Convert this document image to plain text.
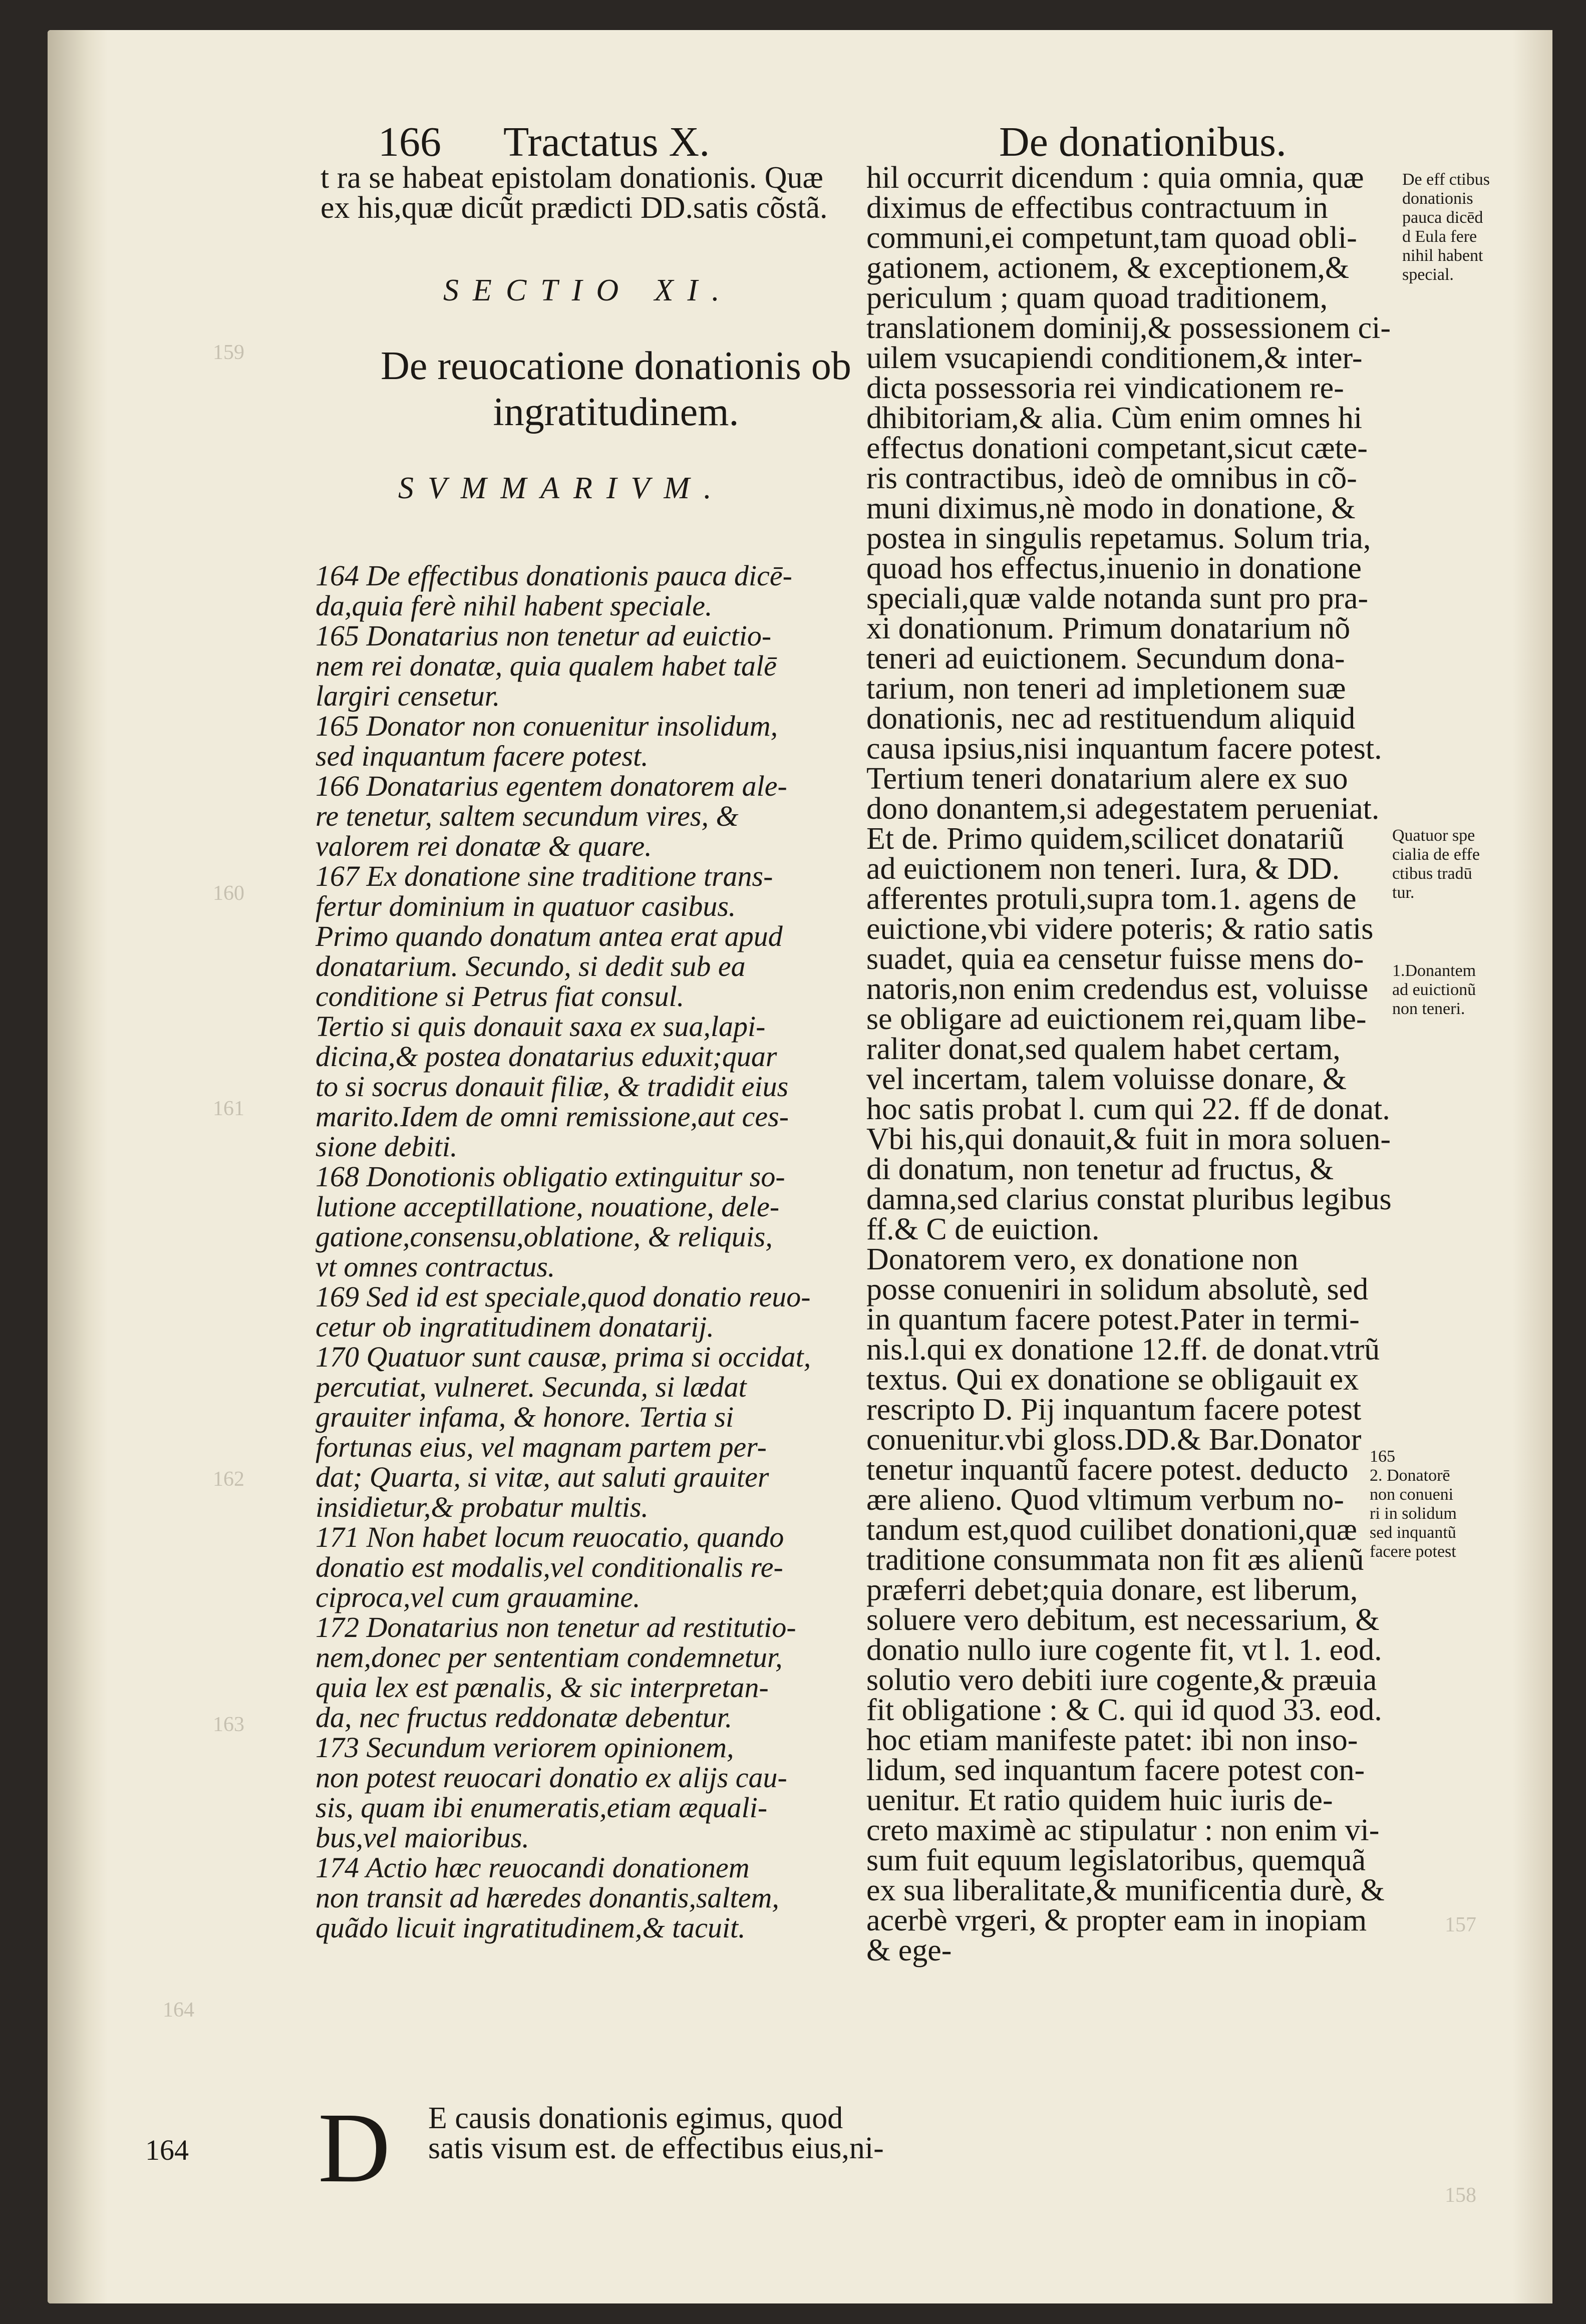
159
160
161
162
163
164
157
158
166 Tractatus X.	De donationibus.
t ra se habeat epistolam donationis. Quæ
ex his,quæ dicũt prædicti DD.satis cõstã.
SECTIO XI.
De reuocatione donationis ob
ingratitudinem.
SVMMARIVM.
164 De effectibus donationis pauca dicē-
da,quia ferè nihil habent speciale.
165 Donatarius non tenetur ad euictio-
nem rei donatæ, quia qualem habet talē
largiri censetur.
165 Donator non conuenitur insolidum,
sed inquantum facere potest.
166 Donatarius egentem donatorem ale-
re tenetur, saltem secundum vires, &
valorem rei donatæ & quare.
167 Ex donatione sine traditione trans-
fertur dominium in quatuor casibus.
Primo quando donatum antea erat apud
donatarium. Secundo, si dedit sub ea
conditione si Petrus fiat consul.
Tertio si quis donauit saxa ex sua,lapi-
dicina,& postea donatarius eduxit;quar
to si socrus donauit filiæ, & tradidit eius
marito.Idem de omni remissione,aut ces-
sione debiti.
168 Donotionis obligatio extinguitur so-
lutione acceptillatione, nouatione, dele-
gatione,consensu,oblatione, & reliquis,
vt omnes contractus.
169 Sed id est speciale,quod donatio reuo-
cetur ob ingratitudinem donatarij.
170 Quatuor sunt causæ, prima si occidat,
percutiat, vulneret. Secunda, si lædat
grauiter infama, & honore. Tertia si
fortunas eius, vel magnam partem per-
dat; Quarta, si vitæ, aut saluti grauiter
insidietur,& probatur multis.
171 Non habet locum reuocatio, quando
donatio est modalis,vel conditionalis re-
ciproca,vel cum grauamine.
172 Donatarius non tenetur ad restitutio-
nem,donec per sententiam condemnetur,
quia lex est pænalis, & sic interpretan-
da, nec fructus reddonatæ debentur.
173 Secundum veriorem opinionem,
non potest reuocari donatio ex alijs cau-
sis, quam ibi enumeratis,etiam æquali-
bus,vel maioribus.
174 Actio hæc reuocandi donationem
non transit ad hæredes donantis,saltem,
quãdo licuit ingratitudinem,& tacuit.
D E causis donationis egimus, quod
satis visum est. de effectibus eius,ni-
164
hil occurrit dicendum : quia omnia, quæ
diximus de effectibus contractuum in
communi,ei competunt,tam quoad obli-
gationem, actionem, & exceptionem,&
periculum ; quam quoad traditionem,
translationem dominij,& possessionem ci-
uilem vsucapiendi conditionem,& inter-
dicta possessoria rei vindicationem re-
dhibitoriam,& alia. Cùm enim omnes hi
effectus donationi competant,sicut cæte-
ris contractibus, ideò de omnibus in cõ-
muni diximus,nè modo in donatione, &
postea in singulis repetamus. Solum tria,
quoad hos effectus,inuenio in donatione
speciali,quæ valde notanda sunt pro pra-
xi donationum. Primum donatarium nõ
teneri ad euictionem. Secundum dona-
tarium, non teneri ad impletionem suæ
donationis, nec ad restituendum aliquid
causa ipsius,nisi inquantum facere potest.
Tertium teneri donatarium alere ex suo
dono donantem,si adegestatem perueniat.
Et de. Primo quidem,scilicet donatariũ
ad euictionem non teneri. Iura, & DD.
afferentes protuli,supra tom.1. agens de
euictione,vbi videre poteris; & ratio satis
suadet, quia ea censetur fuisse mens do-
natoris,non enim credendus est, voluisse
se obligare ad euictionem rei,quam libe-
raliter donat,sed qualem habet certam,
vel incertam, talem voluisse donare, &
hoc satis probat l. cum qui 22. ff de donat.
Vbi his,qui donauit,& fuit in mora soluen-
di donatum, non tenetur ad fructus, &
damna,sed clarius constat pluribus legibus
ff.& C de euiction.
Donatorem vero, ex donatione non
posse conueniri in solidum absolutè, sed
in quantum facere potest.Pater in termi-
nis.l.qui ex donatione 12.ff. de donat.vtrũ
textus. Qui ex donatione se obligauit ex
rescripto D. Pij inquantum facere potest
conuenitur.vbi gloss.DD.& Bar.Donator
tenetur inquantũ facere potest. deducto
ære alieno. Quod vltimum verbum no-
tandum est,quod cuilibet donationi,quæ
traditione consummata non fit æs alienũ
præferri debet;quia donare, est liberum,
soluere vero debitum, est necessarium, &
donatio nullo iure cogente fit, vt l. 1. eod.
solutio vero debiti iure cogente,& præuia
fit obligatione : & C. qui id quod 33. eod.
hoc etiam manifeste patet: ibi non inso-
lidum, sed inquantum facere potest con-
uenitur. Et ratio quidem huic iuris de-
creto maximè ac stipulatur : non enim vi-
sum fuit equum legislatoribus, quemquã
ex sua liberalitate,& munificentia durè, &
acerbè vrgeri, & propter eam in inopiam
& ege-
De eff ctibus
donationis
pauca dicēd
d Eula fere
nihil habent
special.
Quatuor spe
cialia de effe
ctibus tradū
tur.
1.Donantem
ad euictionũ
non teneri.
165
2. Donatorē
non conueni
ri in solidum
sed inquantũ
facere potest
